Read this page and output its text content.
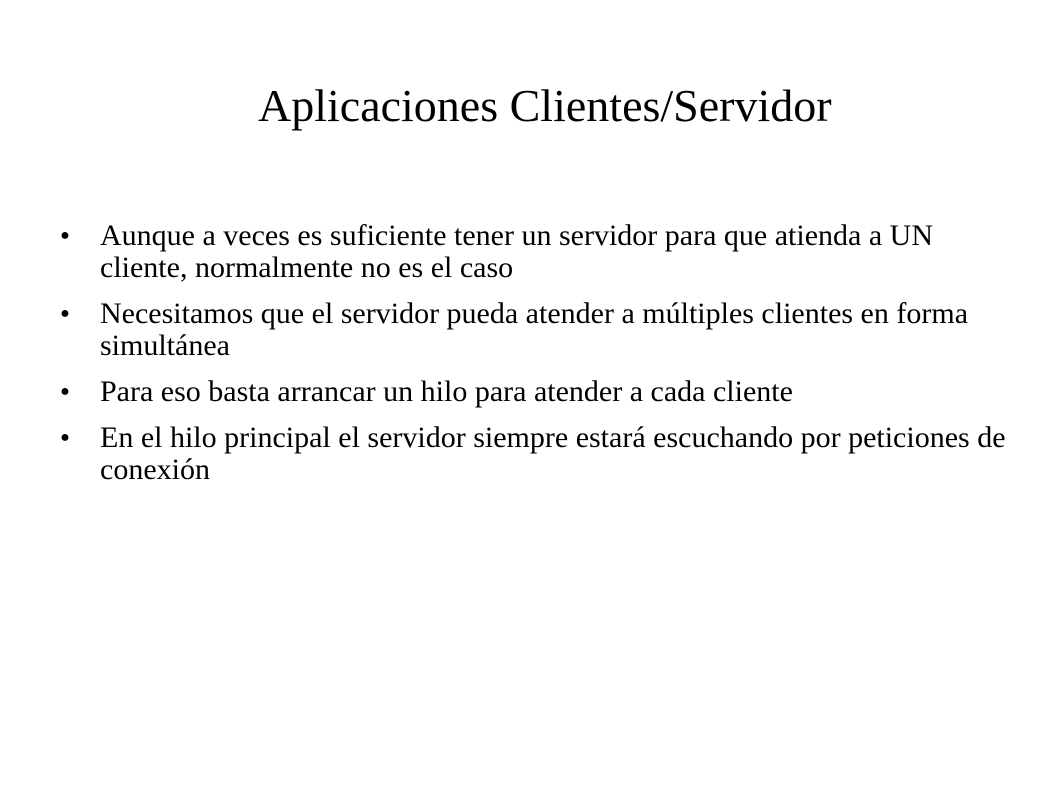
Aplicaciones Clientes/Servidor
● Aunque a veces es suficiente tener un servidor para que atienda a UN cliente, normalmente no es el caso
● Necesitamos que el servidor pueda atender a múltiples clientes en forma simultánea
● Para eso basta arrancar un hilo para atender a cada cliente
● En el hilo principal el servidor siempre estará escuchando por peticiones de conexión
